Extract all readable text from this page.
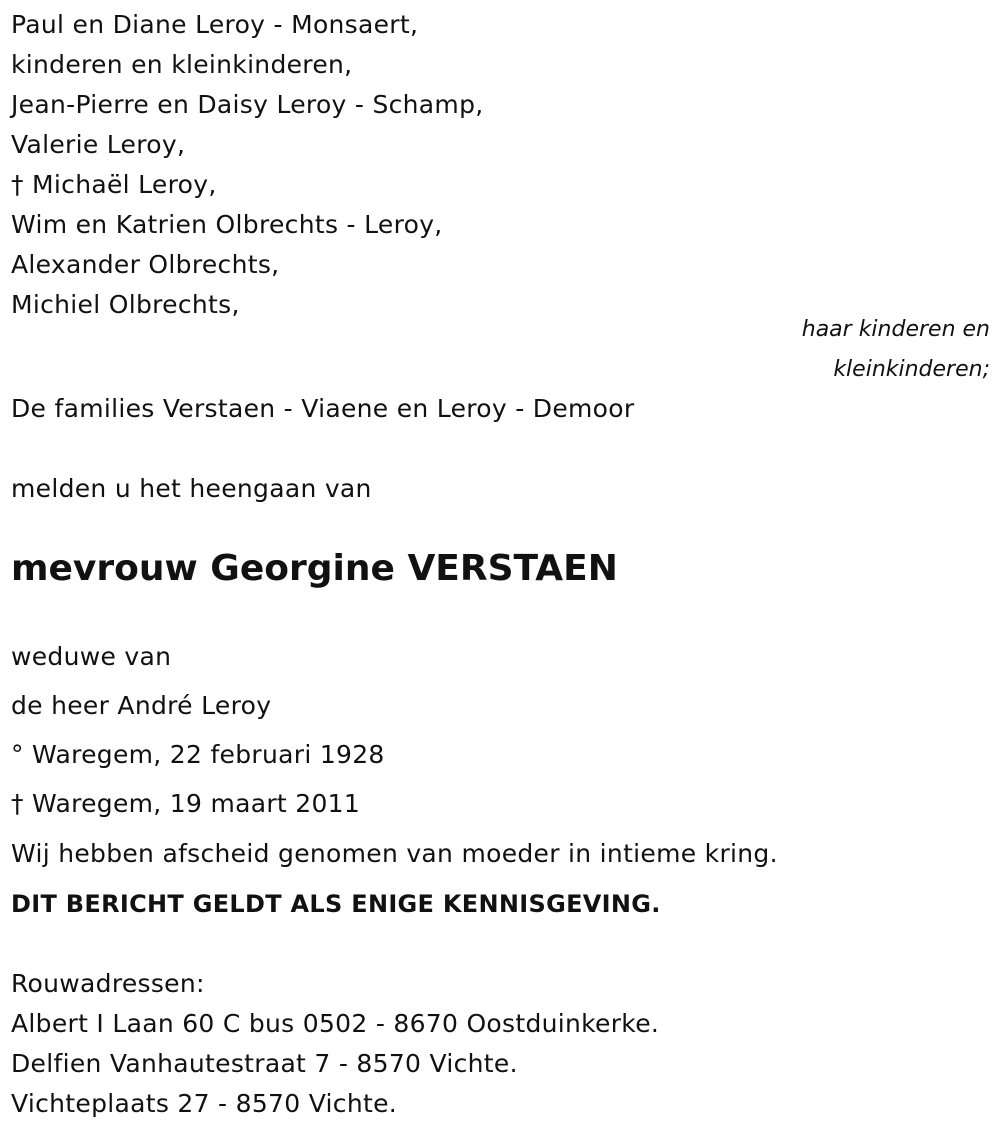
Paul en Diane Leroy - Monsaert,
kinderen en kleinkinderen,
Jean-Pierre en Daisy Leroy - Schamp,
Valerie Leroy,
† Michaël Leroy,
Wim en Katrien Olbrechts - Leroy,
Alexander Olbrechts,
Michiel Olbrechts,
haar kinderen en
kleinkinderen;
De families Verstaen - Viaene en Leroy - Demoor
melden u het heengaan van
mevrouw Georgine VERSTAEN
weduwe van
de heer André Leroy
° Waregem, 22 februari 1928
† Waregem, 19 maart 2011
Wij hebben afscheid genomen van moeder in intieme kring.
DIT BERICHT GELDT ALS ENIGE KENNISGEVING.
Rouwadressen:
Albert I Laan 60 C bus 0502 - 8670 Oostduinkerke.
Delfien Vanhautestraat 7 - 8570 Vichte.
Vichteplaats 27 - 8570 Vichte.
